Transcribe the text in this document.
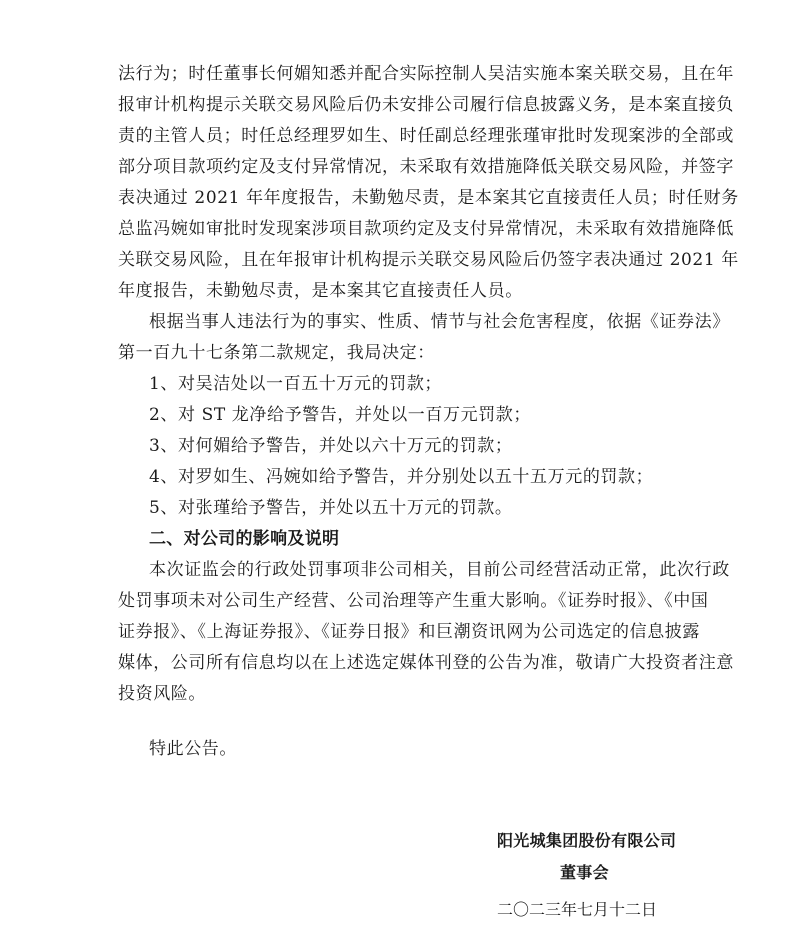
法行为；时任董事长何媚知悉并配合实际控制人吴洁实施本案关联交易，且在年
报审计机构提示关联交易风险后仍未安排公司履行信息披露义务，是本案直接负
责的主管人员；时任总经理罗如生、时任副总经理张瑾审批时发现案涉的全部或
部分项目款项约定及支付异常情况，未采取有效措施降低关联交易风险，并签字
表决通过 2021 年年度报告，未勤勉尽责，是本案其它直接责任人员；时任财务
总监冯婉如审批时发现案涉项目款项约定及支付异常情况，未采取有效措施降低
关联交易风险，且在年报审计机构提示关联交易风险后仍签字表决通过 2021 年
年度报告，未勤勉尽责，是本案其它直接责任人员。
根据当事人违法行为的事实、性质、情节与社会危害程度，依据《证券法》
第一百九十七条第二款规定，我局决定：
1、对吴洁处以一百五十万元的罚款；
2、对 ST 龙净给予警告，并处以一百万元罚款；
3、对何媚给予警告，并处以六十万元的罚款；
4、对罗如生、冯婉如给予警告，并分别处以五十五万元的罚款；
5、对张瑾给予警告，并处以五十万元的罚款。
二、对公司的影响及说明
本次证监会的行政处罚事项非公司相关，目前公司经营活动正常，此次行政
处罚事项未对公司生产经营、公司治理等产生重大影响。《证券时报》、《中国
证券报》、《上海证券报》、《证券日报》和巨潮资讯网为公司选定的信息披露
媒体，公司所有信息均以在上述选定媒体刊登的公告为准，敬请广大投资者注意
投资风险。
特此公告。
阳光城集团股份有限公司
董事会
二〇二三年七月十二日
